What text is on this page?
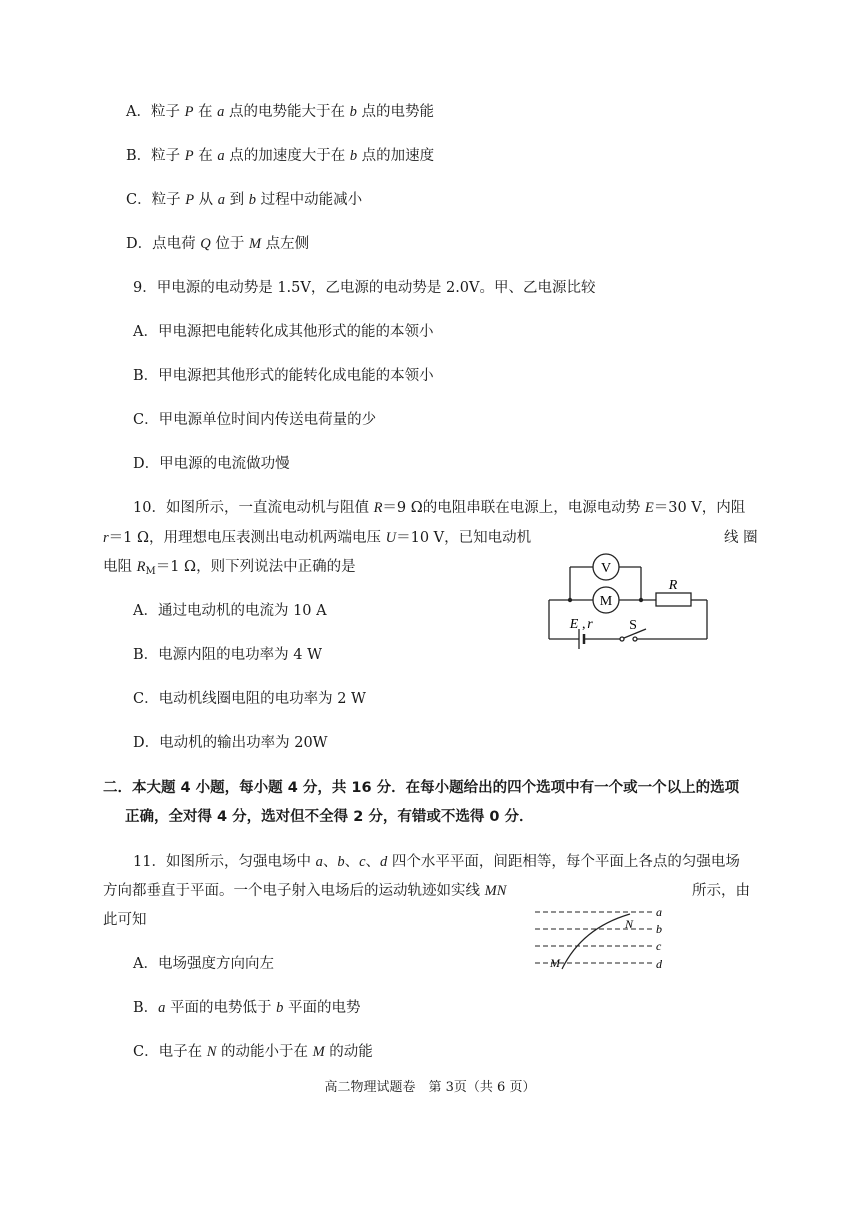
A．粒子 P 在 a 点的电势能大于在 b 点的电势能
B．粒子 P 在 a 点的加速度大于在 b 点的加速度
C．粒子 P 从 a 到 b 过程中动能减小
D．点电荷 Q 位于 M 点左侧
9．甲电源的电动势是 1.5V，乙电源的电动势是 2.0V。甲、乙电源比较
A．甲电源把电能转化成其他形式的能的本领小
B．甲电源把其他形式的能转化成电能的本领小
C．甲电源单位时间内传送电荷量的少
D．甲电源的电流做功慢
10．如图所示，一直流电动机与阻值 R＝9 Ω的电阻串联在电源上，电源电动势 E＝30 V，内阻
r＝1 Ω，用理想电压表测出电动机两端电压 U＝10 V，已知电动机	线 圈
电阻 $R_M=1$ Ω，则下列说法中正确的是
A．通过电动机的电流为 10 A
B．电源内阻的电功率为 4 W
C．电动机线圈电阻的电功率为 2 W
D．电动机的输出功率为 20W
V
M
R
E , r	S
二．本大题 4 小题，每小题 4 分，共 16 分．在每小题给出的四个选项中有一个或一个以上的选项
正确，全对得 4 分，选对但不全得 2 分，有错或不选得 0 分．
11．如图所示，匀强电场中 a、b、c、d 四个水平平面，间距相等，每个平面上各点的匀强电场
方向都垂直于平面。一个电子射入电场后的运动轨迹如实线 MN	所示，由
此可知
A．电场强度方向向左
B．a 平面的电势低于 b 平面的电势
C．电子在 N 的动能小于在 M 的动能
a
b
c
d
N
M
高二物理试题卷　第 3页（共 6 页）
